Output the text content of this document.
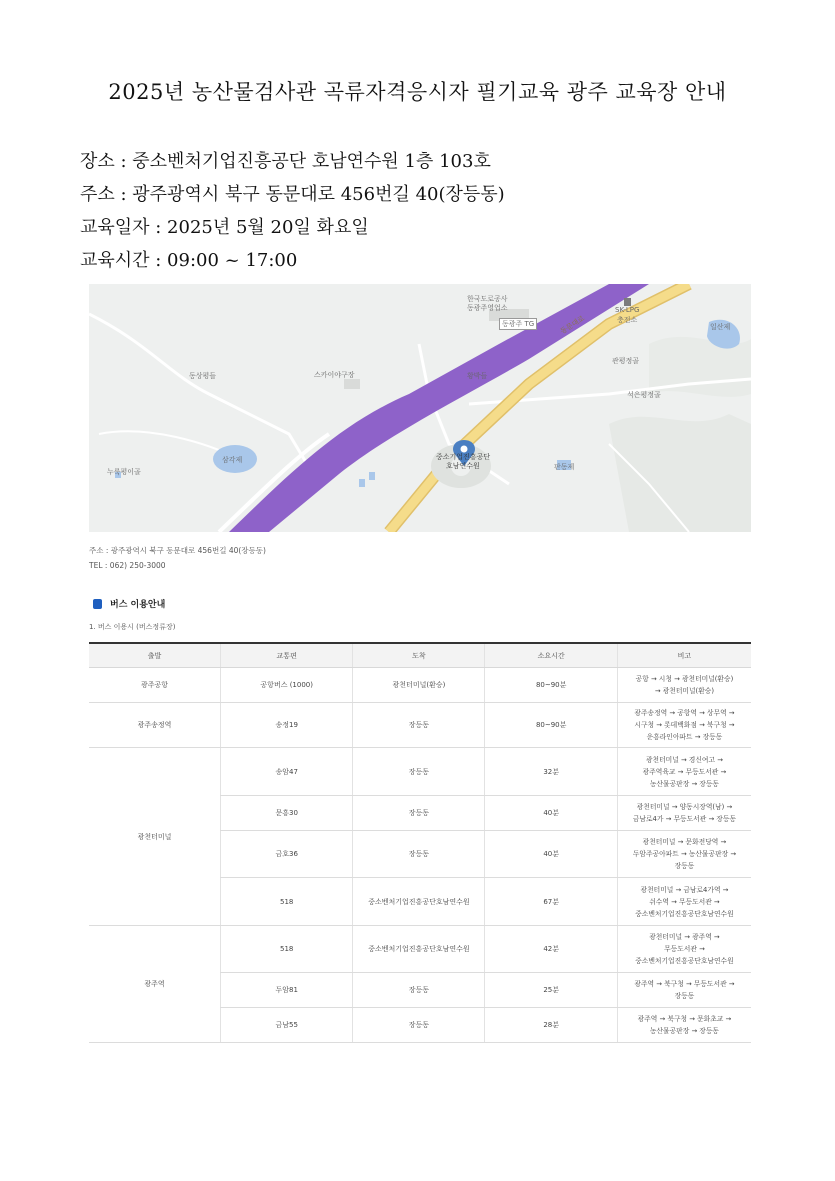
2025년 농산물검사관 곡류자격응시자 필기교육 광주 교육장 안내
장소 : 중소벤처기업진흥공단 호남연수원 1층 103호
주소 : 광주광역시 북구 동문대로 456번길 40(장등동)
교육일자 : 2025년 5월 20일 화요일
교육시간 : 09:00 ~ 17:00
한국도로공사
동광주영업소
동광주 TG
SK-LPG
충전소
일산제
동상평들	스카이야구장	황박들
관평정골
석은평정골
삼각제
누룩평이골
판동제
중소기업진흥공단
호남연수원
동문대로
주소 : 광주광역시 북구 동문대로 456번길 40(장등동)
TEL : 062) 250-3000
버스 이용안내
1. 버스 이용시 (버스정류장)
출발	교통편	도착	소요시간	비고
광주공항	공항버스 (1000)	광천터미널(환승)	80~90분	공항 → 시청 → 광천터미널(환승)
→ 광천터미널(환승)

광주송정역	송정19	장등동	80~90분	광주송정역 → 공항역 → 상무역 →
시구청 → 롯데백화점 → 북구청 →
운흥라인아파트 → 장등동

광천터미널	송암47	장등동	32분	광천터미널 → 경신여고 →
광주역육교 → 무등도서관 →
농산물공판장 → 장등동

	문흥30	장등동	40분	광천터미널 → 양동시장역(남) →
금남로4가 → 무등도서관 → 장등동

	금호36	장등동	40분	광천터미널 → 문화전당역 →
두암주공아파트 → 농산물공판장 →
장등동

	518	중소벤처기업진흥공단호남연수원	67분	광천터미널 → 금남로4가역 →
쉬수역 → 무등도서관 →
중소벤처기업진흥공단호남연수원

광주역	518	중소벤처기업진흥공단호남연수원	42분	광천터미널 → 광주역 →
무등도서관 →
중소벤처기업진흥공단호남연수원

	두암81	장등동	25분	광주역 → 북구청 → 무등도서관 →
장등동

	금남55	장등동	28분	광주역 → 북구청 → 문화초교 →
농산물공판장 → 장등동
